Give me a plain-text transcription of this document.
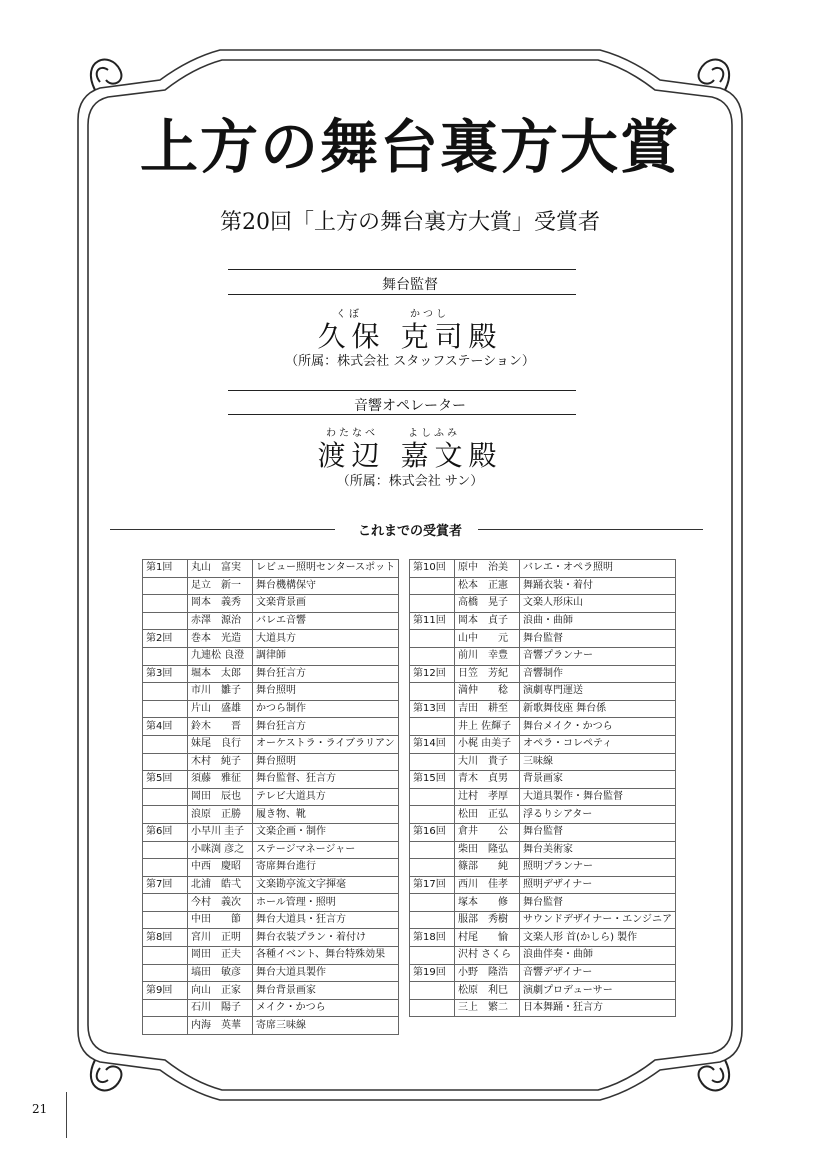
上方の舞台裏方大賞
第20回「上方の舞台裏方大賞」受賞者
舞台監督
くぼ	かつし
久保 克司殿
（所属：株式会社 スタッフステーション）
音響オペレーター
わたなべ	よしふみ
渡辺 嘉文殿
（所属：株式会社 サン）
これまでの受賞者
第1回	丸山　富実	レビュー照明センタースポット
	足立　新一	舞台機構保守
	岡本　義秀	文楽背景画
	赤澤　源治	バレエ音響
第2回	巻本　光造	大道具方
	九連松 良澄	調律師
第3回	堀本　太郎	舞台狂言方
	市川　雛子	舞台照明
	片山　盛雄	かつら制作
第4回	鈴木　　晋	舞台狂言方
	妹尾　良行	オーケストラ・ライブラリアン
	木村　純子	舞台照明
第5回	須藤　雅征	舞台監督、狂言方
	岡田　辰也	テレビ大道具方
	浪原　正勝	履き物、靴
第6回	小早川 圭子	文楽企画・制作
	小咪渕 彦之	ステージマネージャー
	中西　慶昭	寄席舞台進行
第7回	北浦　皓弌	文楽勘亭流文字揮毫
	今村　義次	ホール管理・照明
	中田　　節	舞台大道具・狂言方
第8回	宮川　正明	舞台衣装プラン・着付け
	岡田　正夫	各種イベント、舞台特殊効果
	塙田　敏彦	舞台大道具製作
第9回	向山　正家	舞台背景画家
	石川　陽子	メイク・かつら
	内海　英華	寄席三味線
第10回	原中　治美	バレエ・オペラ照明
	松本　正憲	舞踊衣装・着付
	高橋　晃子	文楽人形床山
第11回	岡本　貞子	浪曲・曲師
	山中　　元	舞台監督
	前川　幸豊	音響プランナー
第12回	日笠　芳紀	音響制作
	満仲　　稔	演劇専門運送
第13回	吉田　耕至	新歌舞伎座 舞台係
	井上 佐輝子	舞台メイク・かつら
第14回	小梶 由美子	オペラ・コレペティ
	大川　貴子	三味線
第15回	青木　貞男	背景画家
	辻村　孝厚	大道具製作・舞台監督
	松田　正弘	浮るりシアター
第16回	倉井　　公	舞台監督
	柴田　隆弘	舞台美術家
	篠部　　純	照明プランナー
第17回	西川　佳孝	照明デザイナー
	塚本　　修	舞台監督
	服部　秀樹	サウンドデザイナー・エンジニア
第18回	村尾　　愉	文楽人形 首(かしら) 製作
	沢村 さくら	浪曲伴奏・曲師
第19回	小野　隆浩	音響デザイナー
	松原　利巳	演劇プロデューサー
	三上　繁二	日本舞踊・狂言方
21
